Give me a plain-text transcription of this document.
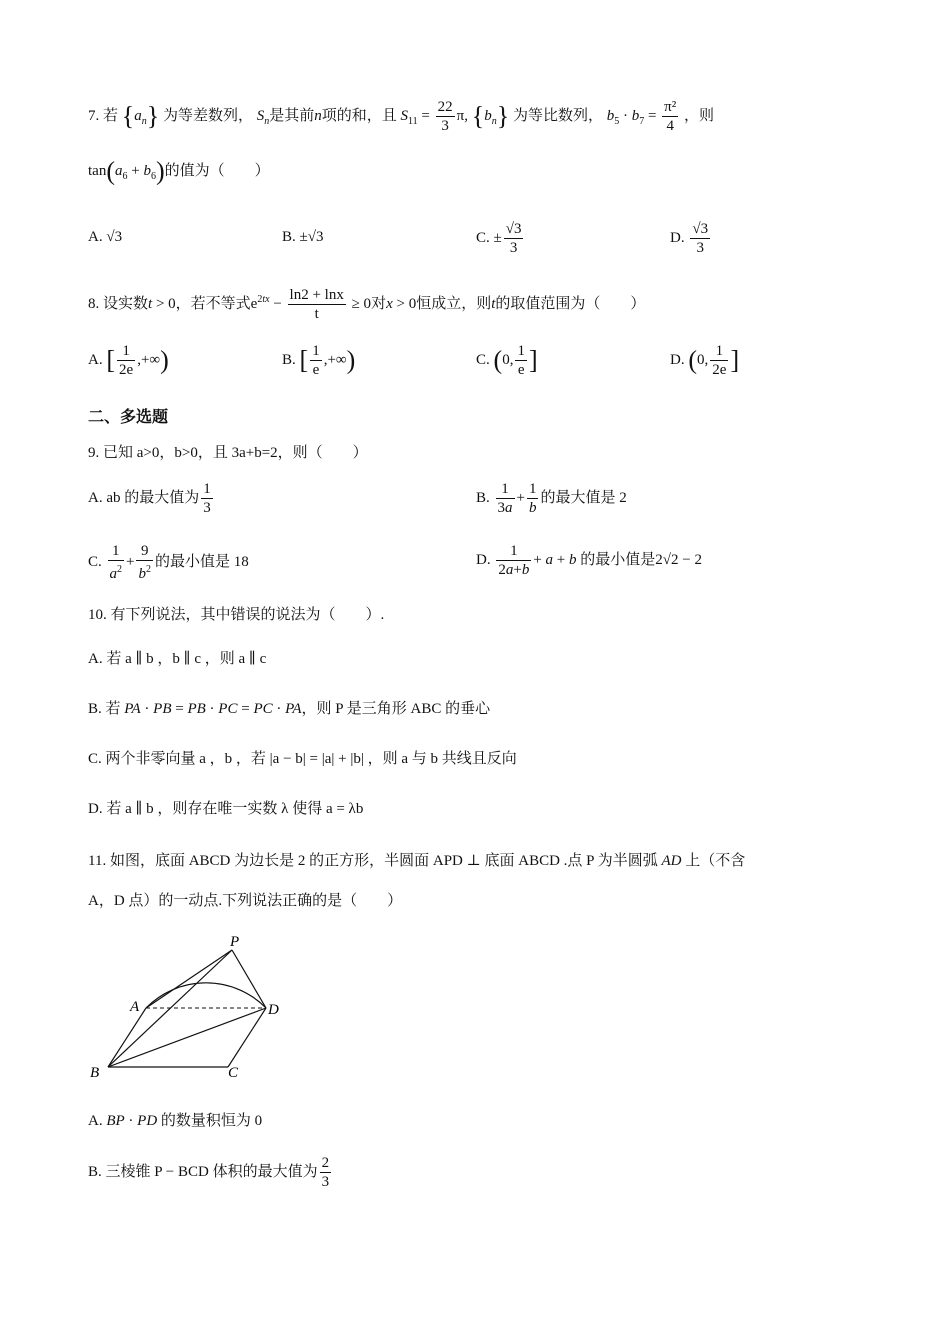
7. 若 $\{a_n\}$ 为等差数列， $S_n$是其前n项的和，且 $S_{11} = \frac{22}{3} \pi$, $\{b_n\}$ 为等比数列， $b_5 \cdot b_7 = \frac{\text{π²}}{4}$ ，则
$\tan(a_6 + b_6)$的值为（　　）
A. √3	B. ±√3	C. ± $\frac{√3}{3}$	D. $\frac{√3}{3}$
8. 设实数t > 0，若不等式$e^{2tx} - \frac{\ln 2 + \ln x}{t} \ge 0$对x > 0恒成立，则t的取值范围为（　　）
A. [ $\frac{1}{2e}$ ,+∞)	B. [ $\frac{1}{e}$ ,+∞)	C. (0, $\frac{1}{e}$ ]	D. (0, $\frac{1}{2e}$ ]
二、多选题
9. 已知 a>0，b>0，且 3a+b=2，则（　　）
A. ab 的最大值为 $\frac{1}{3}$	B. $\frac{1}{3a} + \frac{1}{b}$ 的最大值是 2
C. $\frac{1}{a^2} + \frac{9}{b^2}$ 的最小值是 18	D. $\frac{1}{2a+b} + a + b$ 的最小值是2√2 − 2
10. 有下列说法，其中错误的说法为（　　）.
A. 若 a ∥ b ，b ∥ c ，则 a ∥ c
B. 若 PA · PB = PB · PC = PC · PA，则 P 是三角形 ABC 的垂心
C. 两个非零向量 a ，b ，若 |a − b| = |a| + |b| ，则 a 与 b 共线且反向
D. 若 a ∥ b ，则存在唯一实数 λ 使得 a = λb
11. 如图，底面 ABCD 为边长是 2 的正方形，半圆面 APD ⊥ 底面 ABCD .点 P 为半圆弧 AD 上（不含
A，D 点）的一动点.下列说法正确的是（　　）
P
A	D
B	C
A. BP · PD 的数量积恒为 0
B. 三棱锥 P − BCD 体积的最大值为 $\frac{2}{3}$
